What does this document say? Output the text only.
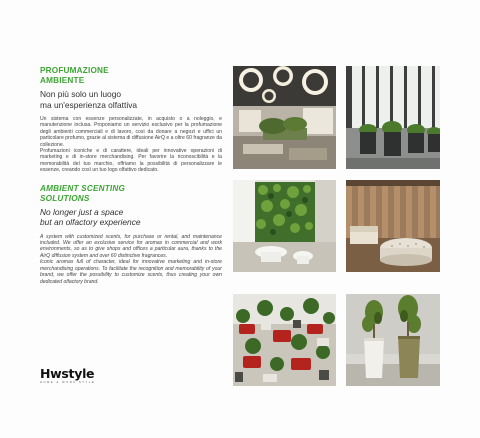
PROFUMAZIONE
AMBIENTE
Non più solo un luogo
ma un'esperienza olfattiva

Un sistema con essenze personalizzate, in acquisto o a noleggio, e manutenzione inclusa. Proponiamo un servizio esclusivo per la profumazione degli ambienti commerciali e di lavoro, così da donare a negozi e uffici un particolare profumo, grazie al sistema di diffusione AirQ e a oltre 60 fragranze da collezione.

Profumazioni iconiche e di carattere, ideali per innovative operazioni di marketing e di in-store merchandising. Per favorire la riconoscibilità e la memorabilità del tuo marchio, offriamo la possibilità di personalizzare le essenze, creando così un tuo logo olfattivo dedicato.

AMBIENT SCENTING
SOLUTIONS
No longer just a space
but an olfactory experience

A system with customized scents, for purchase or rental, and maintenance included. We offer an exclusive service for aromas in commercial and work environments, so as to give shops and offices a particular aura, thanks to the AirQ diffusion system and over 60 distinctive fragrances.

Iconic aromas full of character, ideal for innovative marketing and in-store merchandising operations. To facilitate the recognition and memorability of your brand, we offer the possibility to customize scents, thus creating your own dedicated olfactory brand.

Hwstyle
HOME & WORK STYLE
